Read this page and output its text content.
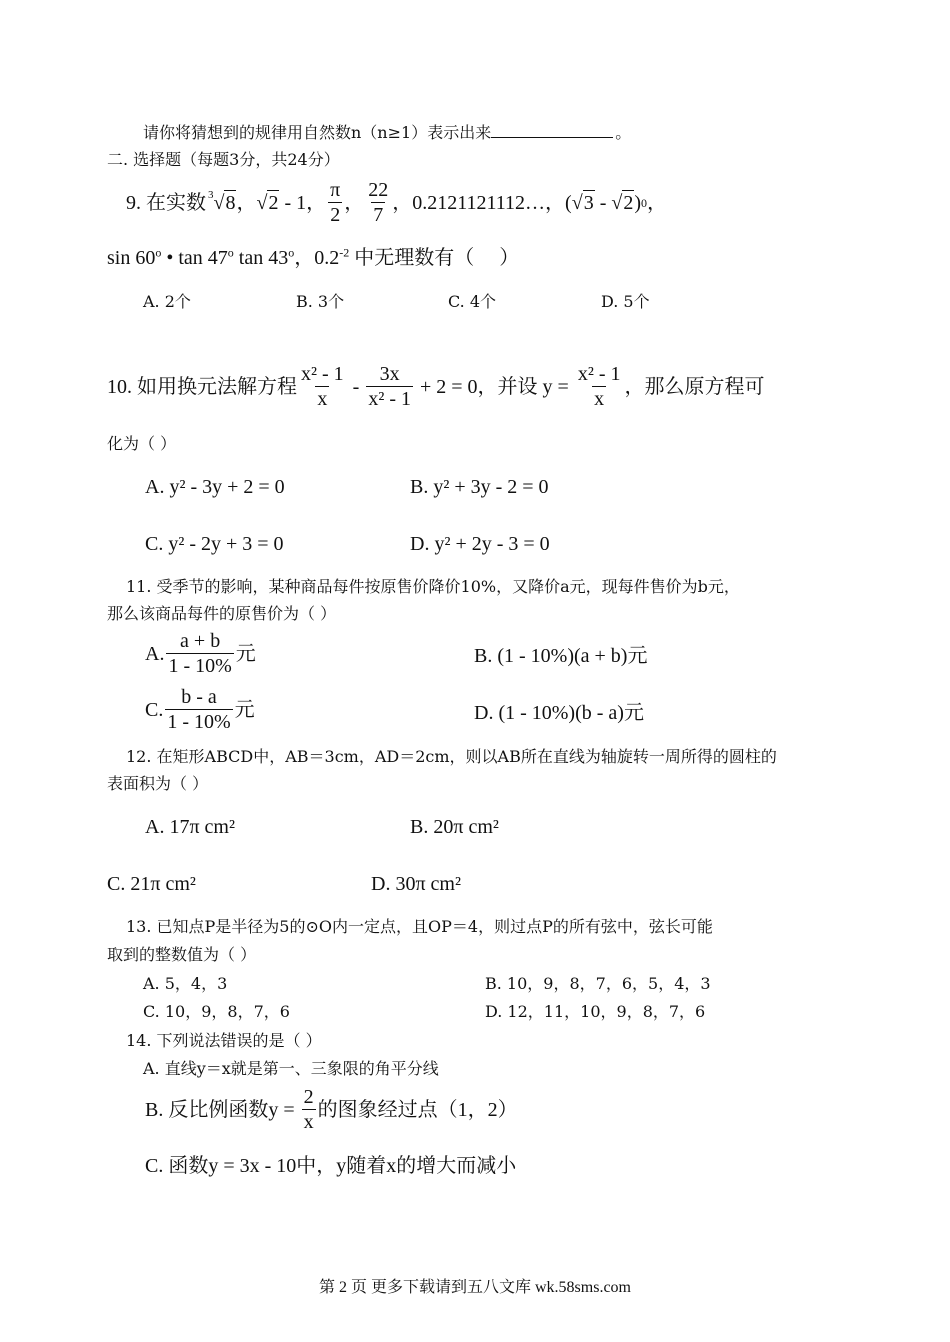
请你将猜想到的规律用自然数n（n≥1）表示出来	。
二. 选择题（每题3分，共24分）
9. 在实数 3 √ 8 ， √ 2 - 1， $\frac{\pi}{2}$ ， $\frac{22}{7}$ ，0.2121121112…， ( √ 3 - √ 2 ) 0 ，
sin 60$^o$ • tan 47$^o$ tan 43$^o$，$0.2^{-2}$ 中无理数有（     ）
A. 2个	B. 3个	C. 4个	D. 5个
10. 如用换元法解方程 $\frac{\text{x² - 1}}{x} - \frac{3x}{\text{x² - 1}} + 2 = 0$，并设 $y = \frac{\text{x² - 1}}{x}$ ，那么原方程可
化为（ ）
A. y² - 3y + 2 = 0	B. y² + 3y - 2 = 0
C. y² - 2y + 3 = 0	D. y² + 2y - 3 = 0
11. 受季节的影响，某种商品每件按原售价降价10%，又降价a元，现每件售价为b元，
那么该商品每件的原售价为（ ）
A. $\frac{a + b}{1 - 10\%}$ 元	B. (1 - 10%)(a + b)元
C. $\frac{b - a}{1 - 10\%}$ 元	D. (1 - 10%)(b - a)元
12. 在矩形ABCD中，AB＝3cm，AD＝2cm，则以AB所在直线为轴旋转一周所得的圆柱的
表面积为（ ）
A. 17π cm²	B. 20π cm²
C. 21π cm²	D. 30π cm²
13. 已知点P是半径为5的⊙O内一定点，且OP＝4，则过点P的所有弦中，弦长可能
取到的整数值为（ ）
A. 5，4，3	B. 10，9，8，7，6，5，4，3
C. 10，9，8，7，6	D. 12，11，10，9，8，7，6
14. 下列说法错误的是（ ）
A. 直线y＝x就是第一、三象限的角平分线
B. 反比例函数$y = \frac{2}{x}$ 的图象经过点（1，2）
C. 函数y = 3x - 10中，y随着x的增大而减小
第 2 页 更多下载请到五八文库 wk.58sms.com
